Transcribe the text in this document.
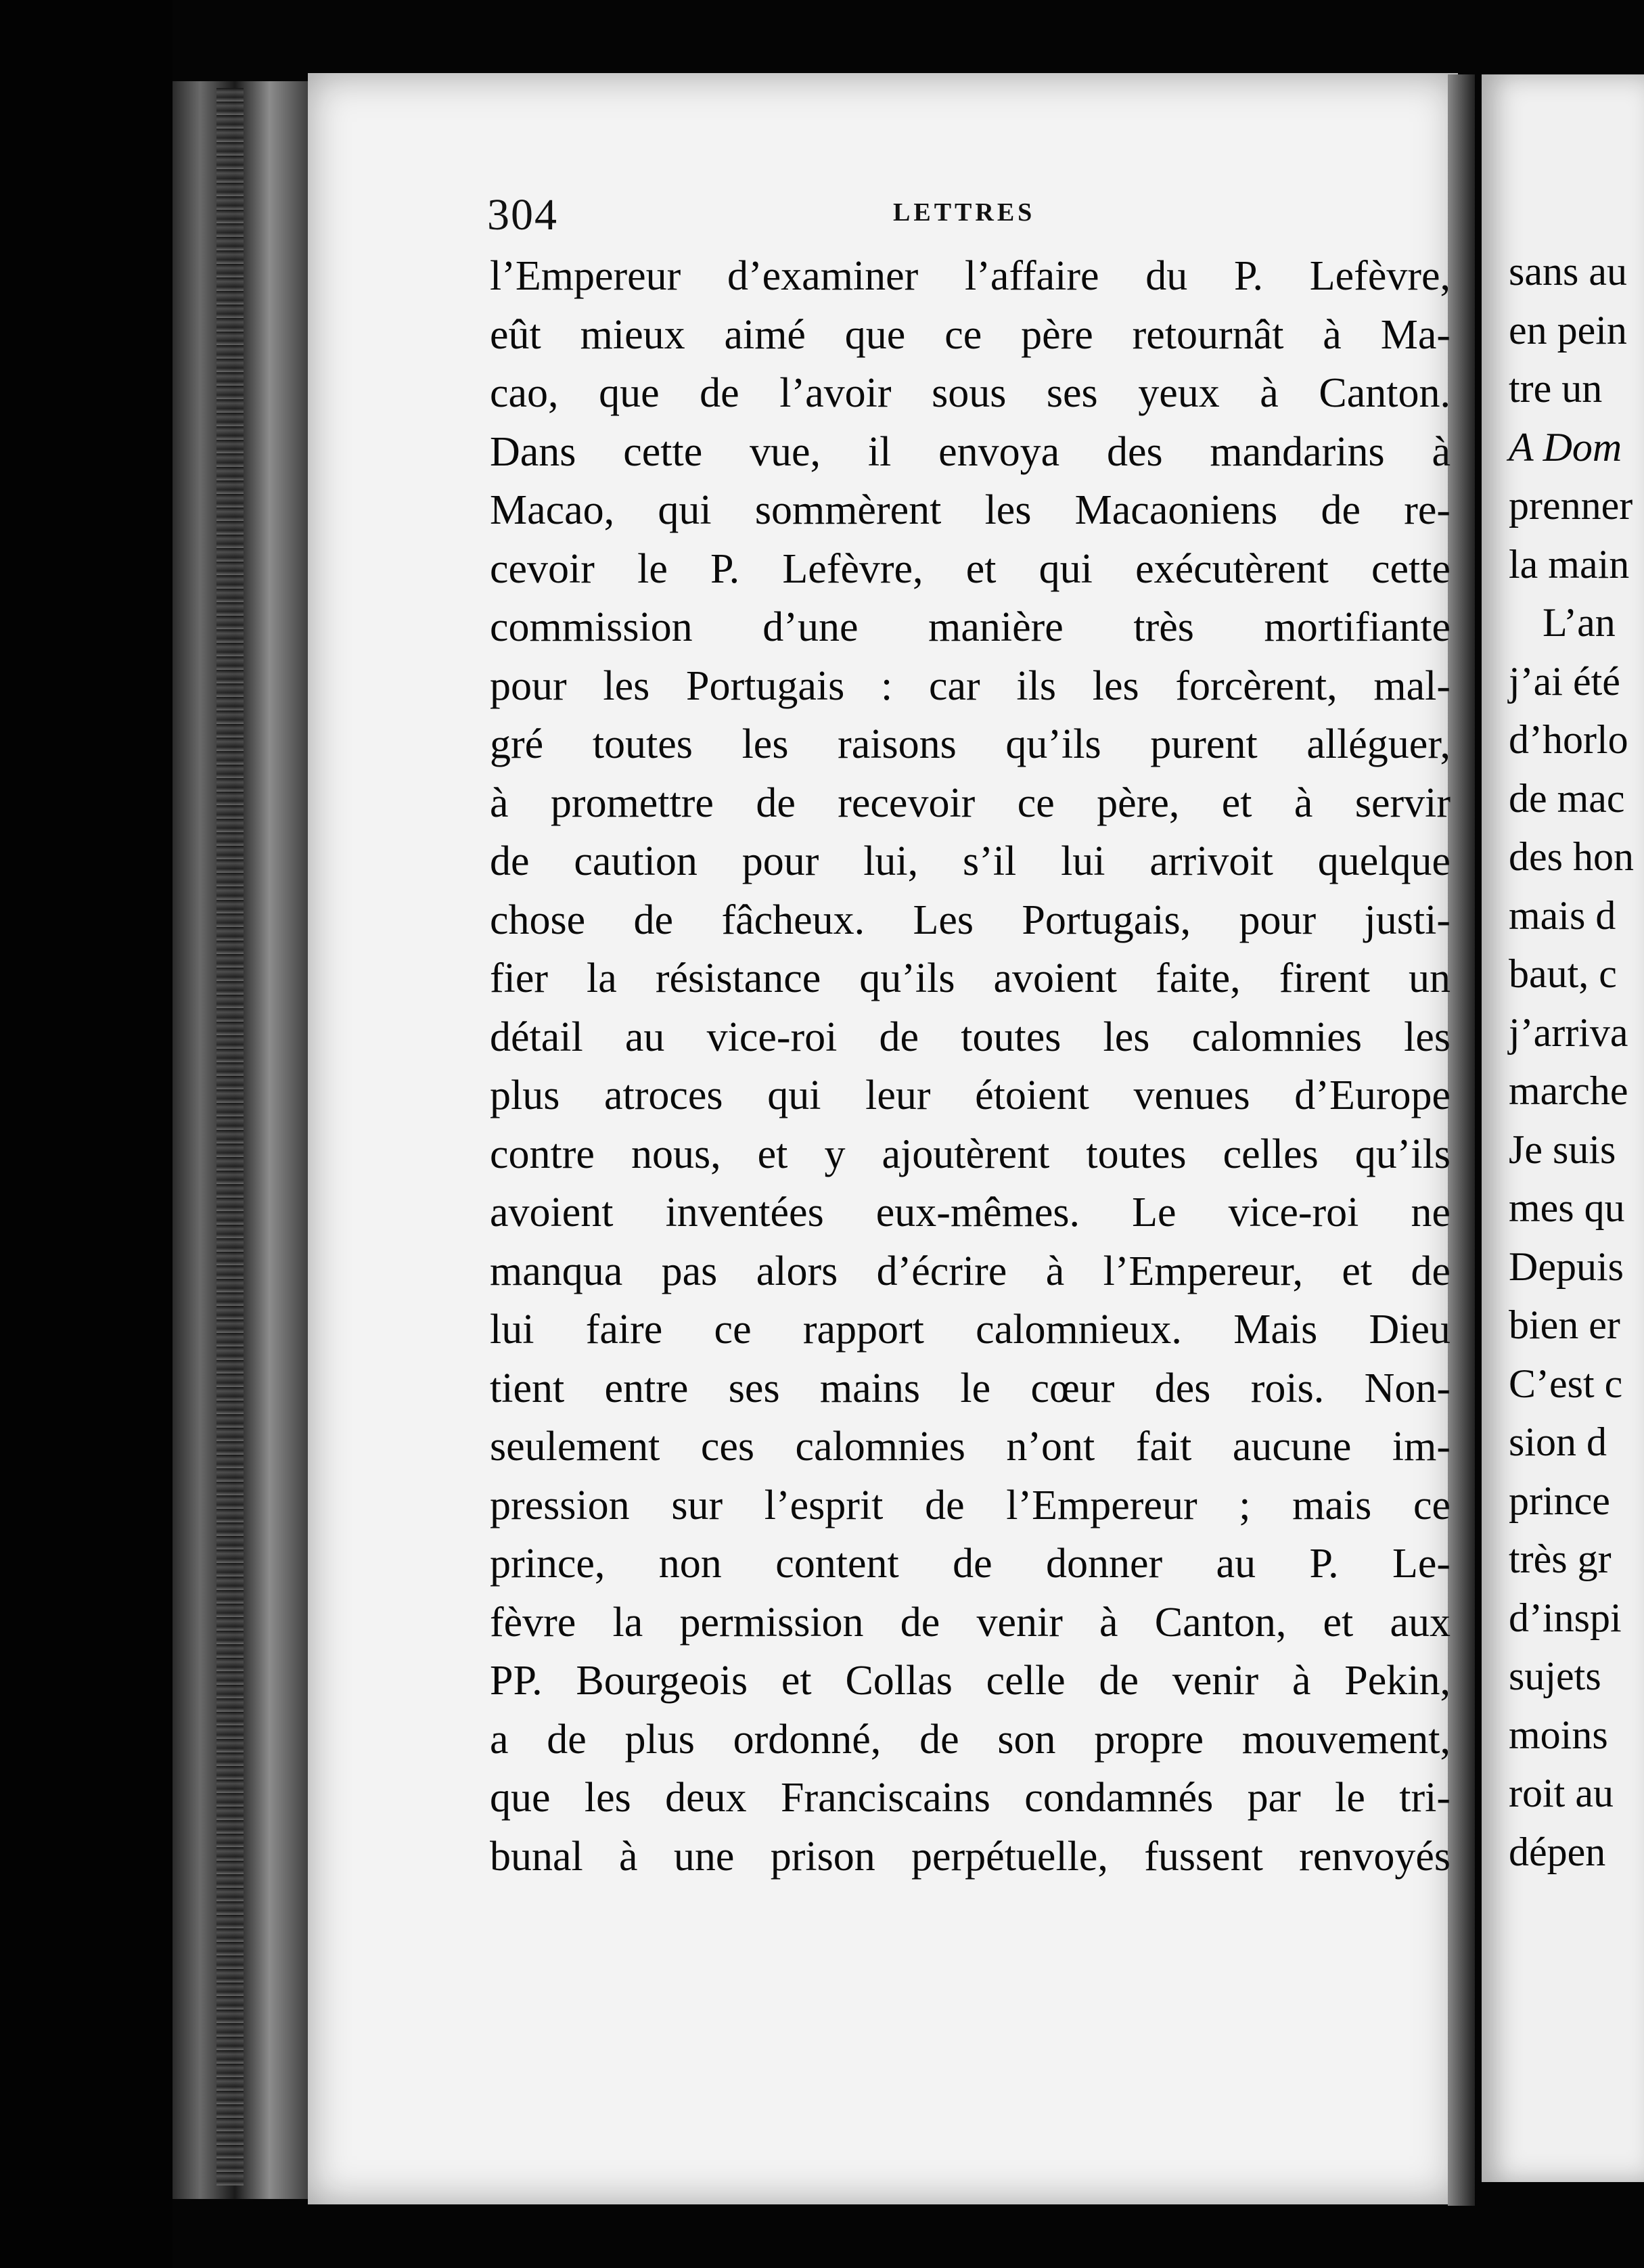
304	LETTRES
l’Empereur d’examiner l’affaire du P. Lefèvre,
eût mieux aimé que ce père retournât à Ma-
cao, que de l’avoir sous ses yeux à Canton.
Dans cette vue, il envoya des mandarins à
Macao, qui sommèrent les Macaoniens de re-
cevoir le P. Lefèvre, et qui exécutèrent cette
commission d’une manière très mortifiante
pour les Portugais : car ils les forcèrent, mal-
gré toutes les raisons qu’ils purent alléguer,
à promettre de recevoir ce père, et à servir
de caution pour lui, s’il lui arrivoit quelque
chose de fâcheux. Les Portugais, pour justi-
fier la résistance qu’ils avoient faite, firent un
détail au vice-roi de toutes les calomnies les
plus atroces qui leur étoient venues d’Europe
contre nous, et y ajoutèrent toutes celles qu’ils
avoient inventées eux-mêmes. Le vice-roi ne
manqua pas alors d’écrire à l’Empereur, et de
lui faire ce rapport calomnieux. Mais Dieu
tient entre ses mains le cœur des rois. Non-
seulement ces calomnies n’ont fait aucune im-
pression sur l’esprit de l’Empereur ; mais ce
prince, non content de donner au P. Le-
fèvre la permission de venir à Canton, et aux
PP. Bourgeois et Collas celle de venir à Pekin,
a de plus ordonné, de son propre mouvement,
que les deux Franciscains condamnés par le tri-
bunal à une prison perpétuelle, fussent renvoyés
sans au
en pein
tre un
A Dom
prenner
la main
L’an
j’ai été
d’horlo
de mac
des hon
mais d
baut, c
j’arriva
marche
Je suis
mes qu
Depuis
bien er
C’est c
sion d
prince
très gr
d’inspi
sujets
moins
roit au
dépen
